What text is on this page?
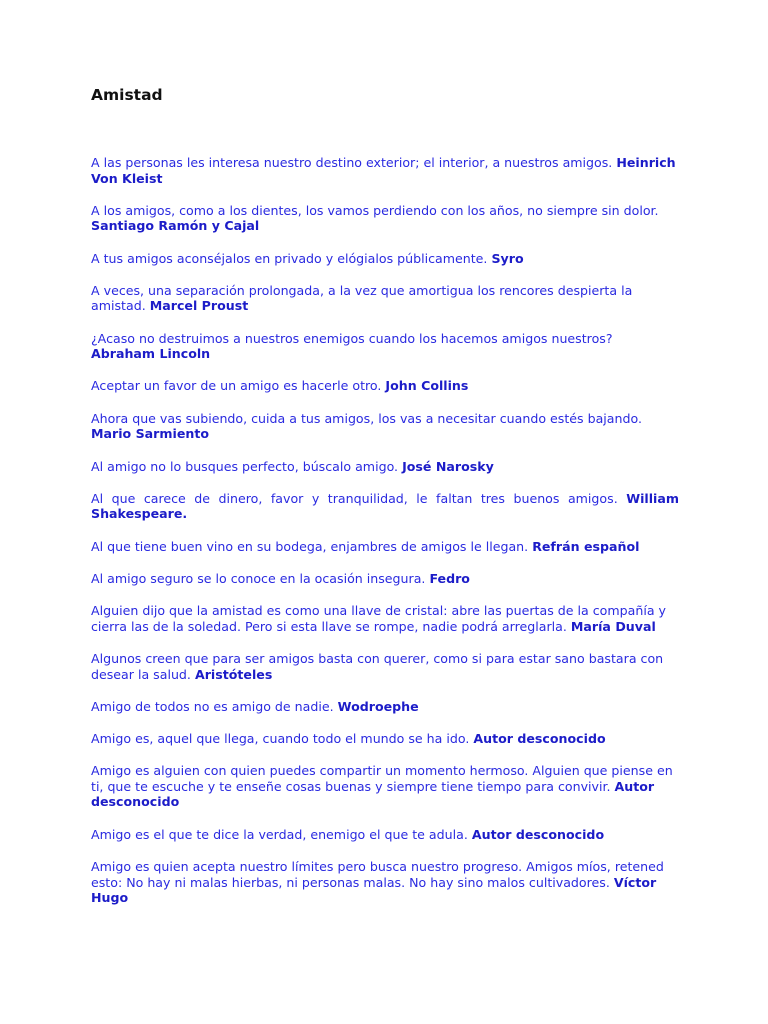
Amistad

A las personas les interesa nuestro destino exterior; el interior, a nuestros amigos. Heinrich Von Kleist

A los amigos, como a los dientes, los vamos perdiendo con los años, no siempre sin dolor. Santiago Ramón y Cajal

A tus amigos aconséjalos en privado y elógialos públicamente. Syro

A veces, una separación prolongada, a la vez que amortigua los rencores despierta la amistad. Marcel Proust

¿Acaso no destruimos a nuestros enemigos cuando los hacemos amigos nuestros? Abraham Lincoln

Aceptar un favor de un amigo es hacerle otro. John Collins

Ahora que vas subiendo, cuida a tus amigos, los vas a necesitar cuando estés bajando. Mario Sarmiento

Al amigo no lo busques perfecto, búscalo amigo. José Narosky

Al que carece de dinero, favor y tranquilidad, le faltan tres buenos amigos. William Shakespeare.

Al que tiene buen vino en su bodega, enjambres de amigos le llegan. Refrán español

Al amigo seguro se lo conoce en la ocasión insegura. Fedro

Alguien dijo que la amistad es como una llave de cristal: abre las puertas de la compañía y cierra las de la soledad. Pero si esta llave se rompe, nadie podrá arreglarla. María Duval

Algunos creen que para ser amigos basta con querer, como si para estar sano bastara con desear la salud. Aristóteles

Amigo de todos no es amigo de nadie. Wodroephe

Amigo es, aquel que llega, cuando todo el mundo se ha ido. Autor desconocido

Amigo es alguien con quien puedes compartir un momento hermoso. Alguien que piense en ti, que te escuche y te enseñe cosas buenas y siempre tiene tiempo para convivir. Autor desconocido

Amigo es el que te dice la verdad, enemigo el que te adula. Autor desconocido

Amigo es quien acepta nuestro límites pero busca nuestro progreso. Amigos míos, retened esto: No hay ni malas hierbas, ni personas malas. No hay sino malos cultivadores. Víctor Hugo
